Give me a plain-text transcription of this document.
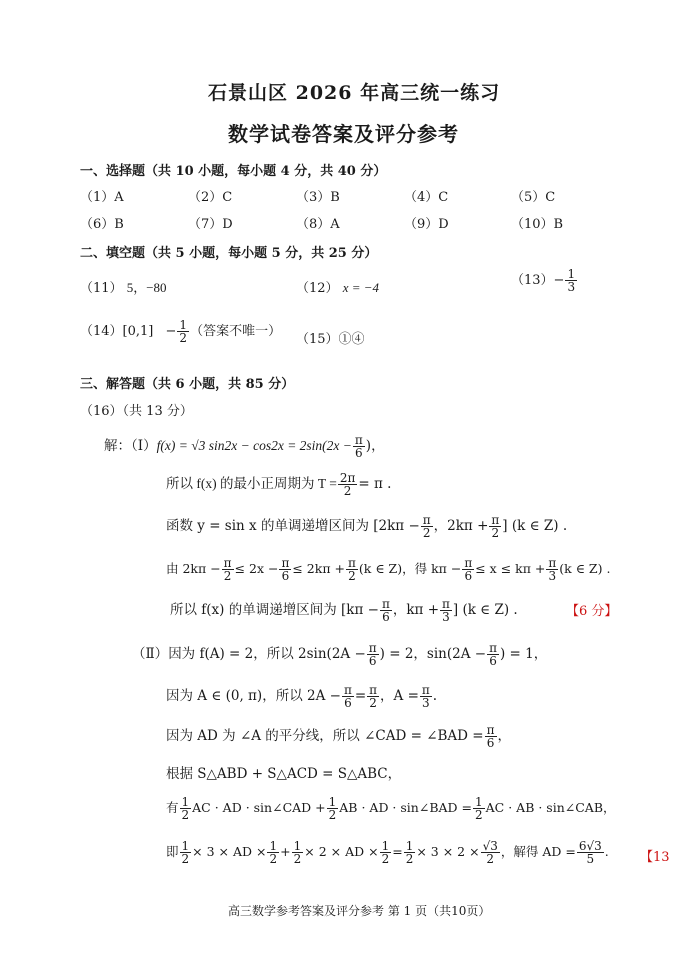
石景山区 2026 年高三统一练习
数学试卷答案及评分参考
一、选择题（共 10 小题，每小题 4 分，共 40 分）
（1）A	（2）C	（3）B	（4）C	（5）C
（6）B	（7）D	（8）A	（9）D	（10）B
二、填空题（共 5 小题，每小题 5 分，共 25 分）
（11） 5，−80	（12） x = −4	$(13)- \frac{1}{3}$
$(14)[0,1] - \frac{1}{2}$ （答案不唯一）
（15）①④
三、解答题（共 6 小题，共 85 分）
（16）（共 13 分）
解：（Ⅰ）f(x) = √3 $\sin 2x - \cos 2x = 2\sin(2x - \frac{\pi}{6}$ )，
所以 f(x) 的最小正周期为 $T = \frac{2\pi}{2} = \pi$ .
函数 y = sin x 的单调递增区间为 [$2k\pi - \frac{\pi}{2}$ ，$2k\pi + \frac{\pi}{2}$ ] (k ∈ Z) .
由 $2k\pi - \frac{\pi}{2} \le 2x - \frac{\pi}{6} \le 2k\pi + \frac{\pi}{2} (k$ ∈ Z)，得 $k\pi - \frac{\pi}{6} \le x \le k\pi + \frac{\pi}{3} (k$ ∈ Z) .
所以 f(x) 的单调递增区间为 [$k\pi - \frac{\pi}{6}$ ，$k\pi + \frac{\pi}{3}$ ] (k ∈ Z) .	【6 分】
（Ⅱ）因为 f(A) = 2，所以 $2\sin(2A - \frac{\pi}{6}$ ) = 2，$\sin(2A - \frac{\pi}{6}$ ) = 1，
因为 A ∈ (0, π)，所以 $2A - \frac{\pi}{6} = \frac{\pi}{2}$ ，$A = \frac{\pi}{3}$ .
因为 AD 为 ∠A 的平分线，所以 ∠CAD = ∠BAD = $\frac{\pi}{6}$ ，
根据 S△ABD + S△ACD = S△ABC，
有 $\frac{1}{2}$ AC · AD · sin∠CAD + $\frac{1}{2}$ AB · AD · sin∠BAD = $\frac{1}{2}$ AC · AB · sin∠CAB，
即 $\frac{1}{2} \times 3$ × AD × $\frac{1}{2} + \frac{1}{2} \times 2$ × AD × $\frac{1}{2} = \frac{1}{2} \times 3 \times 2 \times \frac{√3}{2}$ ，解得 AD = $\frac{6√3}{5}$ . 【13
高三数学参考答案及评分参考 第 1 页（共10页）
